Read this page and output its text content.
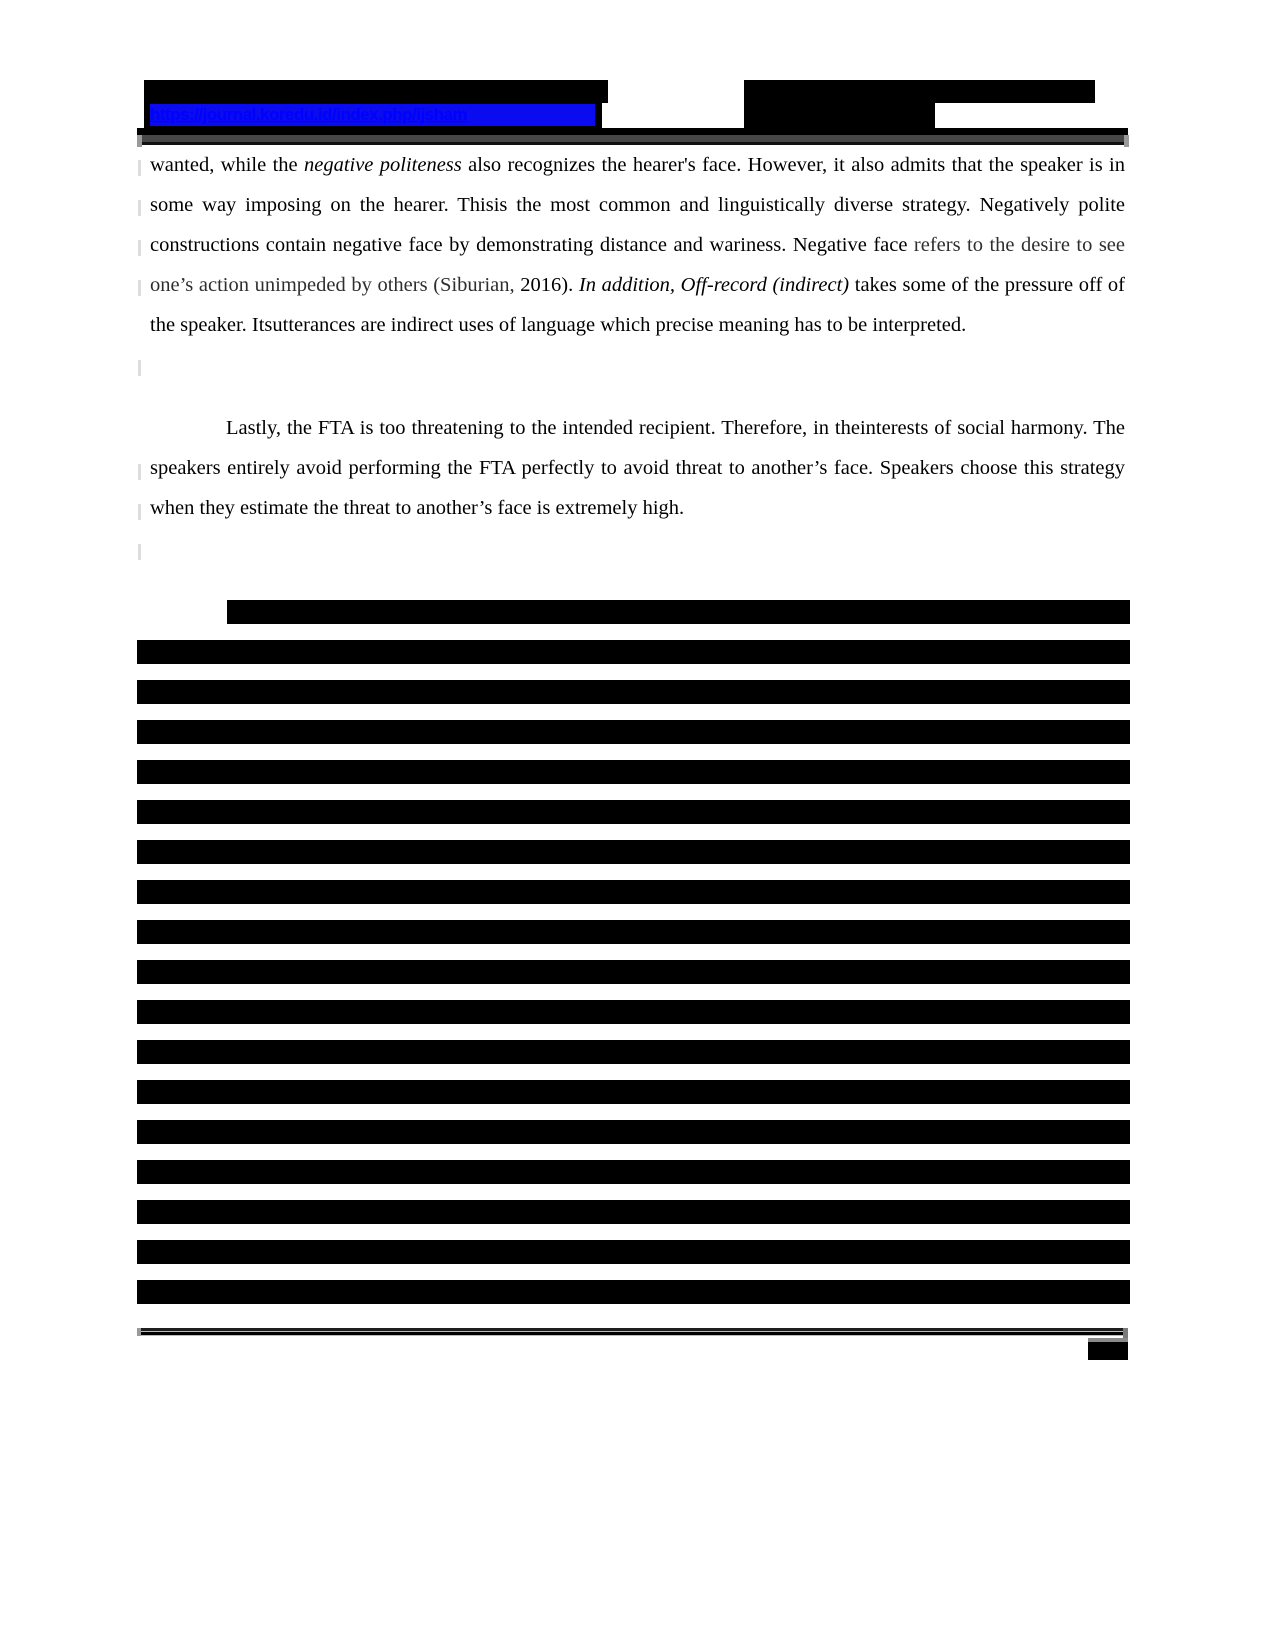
https://journal.koredu.id/index.php/ijsham

wanted, while the negative politeness also recognizes the hearer's face. However, it also admits that the speaker is in some way imposing on the hearer. Thisis the most common and linguistically diverse strategy. Negatively polite constructions contain negative face by demonstrating distance and wariness. Negative face refers to the desire to see one’s action unimpeded by others (Siburian, 2016). In addition, Off-record (indirect) takes some of the pressure off of the speaker. Itsutterances are indirect uses of language which precise meaning has to be interpreted.

Lastly, the FTA is too threatening to the intended recipient. Therefore, in theinterests of social harmony. The speakers entirely avoid performing the FTA perfectly to avoid threat to another’s face. Speakers choose this strategy when they estimate the threat to another’s face is extremely high.
